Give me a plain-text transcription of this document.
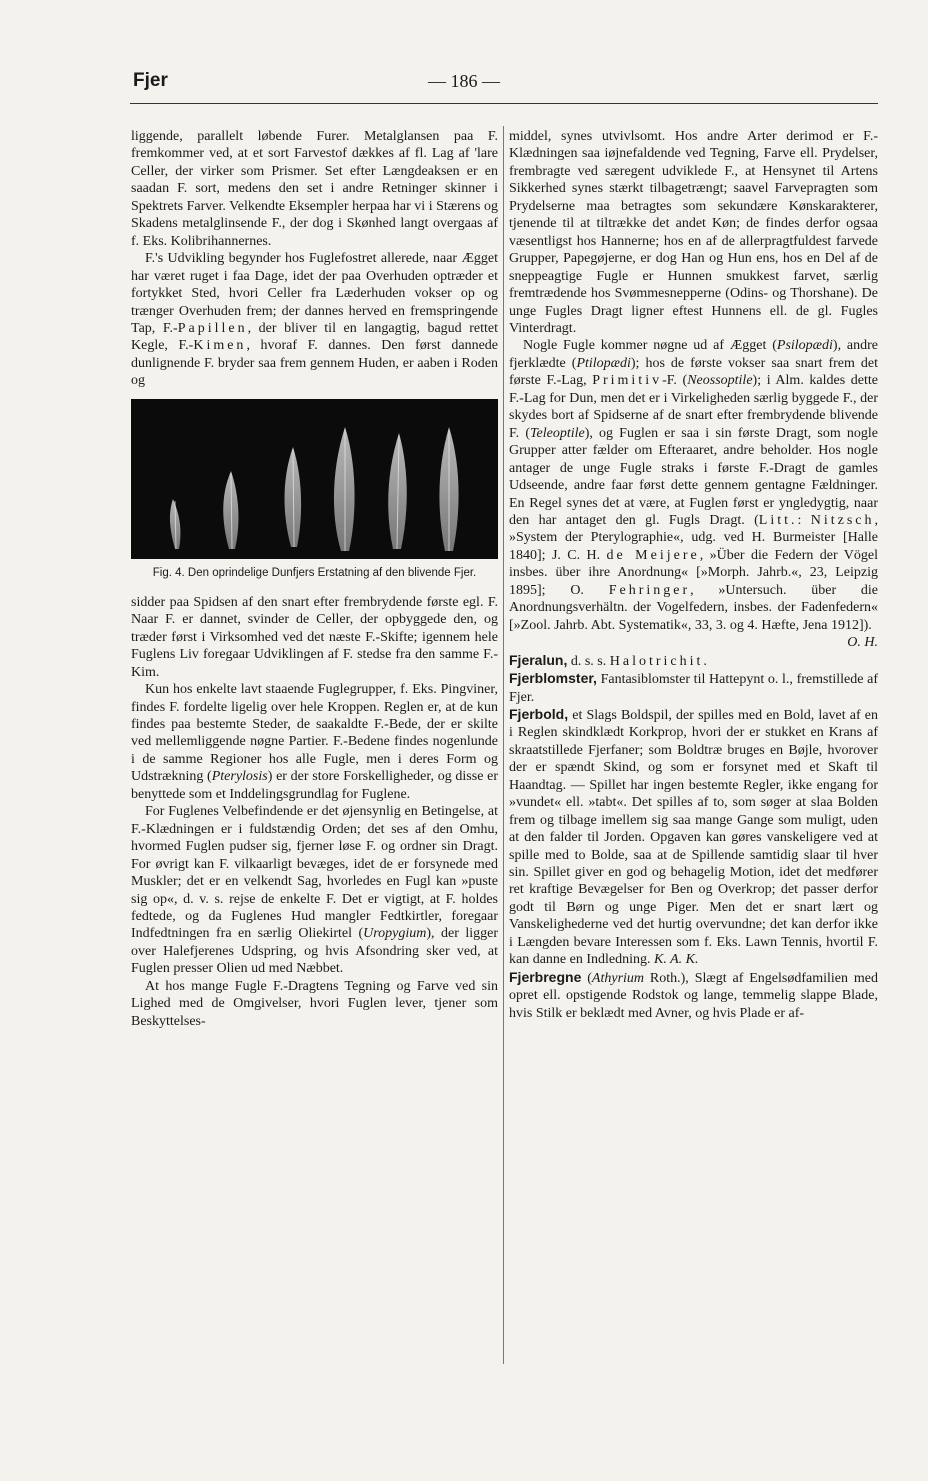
Fjer	— 186 —

liggende, parallelt løbende Furer. Metalglansen paa F. fremkommer ved, at et sort Farvestof dækkes af fl. Lag af 'lare Celler, der virker som Prismer. Set efter Længdeaksen er en saadan F. sort, medens den set i andre Retninger skinner i Spektrets Farver. Velkendte Eksempler herpaa har vi i Stærens og Skadens metalglinsende F., der dog i Skønhed langt overgaas af f. Eks. Kolibrihannernes.

F.'s Udvikling begynder hos Fuglefostret allerede, naar Ægget har været ruget i faa Dage, idet der paa Overhuden optræder et fortykket Sted, hvori Celler fra Læderhuden vokser op og trænger Overhuden frem; der dannes herved en fremspringende Tap, F.-Papillen, der bliver til en langagtig, bagud rettet Kegle, F.-Kimen, hvoraf F. dannes. Den først dannede dunlignende F. bryder saa frem gennem Huden, er aaben i Roden og

Fig. 4. Den oprindelige Dunfjers Erstatning af den blivende Fjer.

sidder paa Spidsen af den snart efter frembrydende første egl. F. Naar F. er dannet, svinder de Celler, der opbyggede den, og træder først i Virksomhed ved det næste F.-Skifte; igennem hele Fuglens Liv foregaar Udviklingen af F. stedse fra den samme F.-Kim.

Kun hos enkelte lavt staaende Fuglegrupper, f. Eks. Pingviner, findes F. fordelte ligelig over hele Kroppen. Reglen er, at de kun findes paa bestemte Steder, de saakaldte F.-Bede, der er skilte ved mellemliggende nøgne Partier. F.-Bedene findes nogenlunde i de samme Regioner hos alle Fugle, men i deres Form og Udstrækning (Pterylosis) er der store Forskelligheder, og disse er benyttede som et Inddelingsgrundlag for Fuglene.

For Fuglenes Velbefindende er det øjensynlig en Betingelse, at F.-Klædningen er i fuldstændig Orden; det ses af den Omhu, hvormed Fuglen pudser sig, fjerner løse F. og ordner sin Dragt. For øvrigt kan F. vilkaarligt bevæges, idet de er forsynede med Muskler; det er en velkendt Sag, hvorledes en Fugl kan »puste sig op«, d. v. s. rejse de enkelte F. Det er vigtigt, at F. holdes fedtede, og da Fuglenes Hud mangler Fedtkirtler, foregaar Indfedtningen fra en særlig Oliekirtel (Uropygium), der ligger over Halefjerenes Udspring, og hvis Afsondring sker ved, at Fuglen presser Olien ud med Næbbet.

At hos mange Fugle F.-Dragtens Tegning og Farve ved sin Lighed med de Omgivelser, hvori Fuglen lever, tjener som Beskyttelses-

middel, synes utvivlsomt. Hos andre Arter derimod er F.-Klædningen saa iøjnefaldende ved Tegning, Farve ell. Prydelser, frembragte ved særegent udviklede F., at Hensynet til Artens Sikkerhed synes stærkt tilbagetrængt; saavel Farvepragten som Prydelserne maa betragtes som sekundære Kønskarakterer, tjenende til at tiltrække det andet Køn; de findes derfor ogsaa væsentligst hos Hannerne; hos en af de allerpragtfuldest farvede Grupper, Papegøjerne, er dog Han og Hun ens, hos en Del af de sneppeagtige Fugle er Hunnen smukkest farvet, særlig fremtrædende hos Svømmesnepperne (Odins- og Thorshane). De unge Fugles Dragt ligner eftest Hunnens ell. de gl. Fugles Vinterdragt.

Nogle Fugle kommer nøgne ud af Ægget (Psilopædi), andre fjerklædte (Ptilopædi); hos de første vokser saa snart frem det første F.-Lag, Primitiv-F. (Neossoptile); i Alm. kaldes dette F.-Lag for Dun, men det er i Virkeligheden særlig byggede F., der skydes bort af Spidserne af de snart efter frembrydende blivende F. (Teleoptile), og Fuglen er saa i sin første Dragt, som nogle Grupper atter fælder om Efteraaret, andre beholder. Hos nogle antager de unge Fugle straks i første F.-Dragt de gamles Udseende, andre faar først dette gennem gentagne Fældninger. En Regel synes det at være, at Fuglen først er yngledygtig, naar den har antaget den gl. Fugls Dragt. (Litt.: Nitzsch, »System der Pterylographie«, udg. ved H. Burmeister [Halle 1840]; J. C. H. de Meijere, »Über die Federn der Vögel insbes. über ihre Anordnung« [»Morph. Jahrb.«, 23, Leipzig 1895]; O. Fehringer, »Untersuch. über die Anordnungsverhältn. der Vogelfedern, insbes. der Fadenfedern« [»Zool. Jahrb. Abt. Systematik«, 33, 3. og 4. Hæfte, Jena 1912]).
O. H.

Fjeralun, d. s. s. Halotrichit.

Fjerblomster, Fantasiblomster til Hattepynt o. l., fremstillede af Fjer.

Fjerbold, et Slags Boldspil, der spilles med en Bold, lavet af en i Reglen skindklædt Korkprop, hvori der er stukket en Krans af skraatstillede Fjerfaner; som Boldtræ bruges en Bøjle, hvorover der er spændt Skind, og som er forsynet med et Skaft til Haandtag. — Spillet har ingen bestemte Regler, ikke engang for »vundet« ell. »tabt«. Det spilles af to, som søger at slaa Bolden frem og tilbage imellem sig saa mange Gange som muligt, uden at den falder til Jorden. Opgaven kan gøres vanskeligere ved at spille med to Bolde, saa at de Spillende samtidig slaar til hver sin. Spillet giver en god og behagelig Motion, idet det medfører ret kraftige Bevægelser for Ben og Overkrop; det passer derfor godt til Børn og unge Piger. Men det er snart lært og Vanskelighederne ved det hurtig overvundne; det kan derfor ikke i Længden bevare Interessen som f. Eks. Lawn Tennis, hvortil F. kan danne en Indledning. K. A. K.

Fjerbregne (Athyrium Roth.), Slægt af Engelsødfamilien med opret ell. opstigende Rodstok og lange, temmelig slappe Blade, hvis Stilk er beklædt med Avner, og hvis Plade er af-
